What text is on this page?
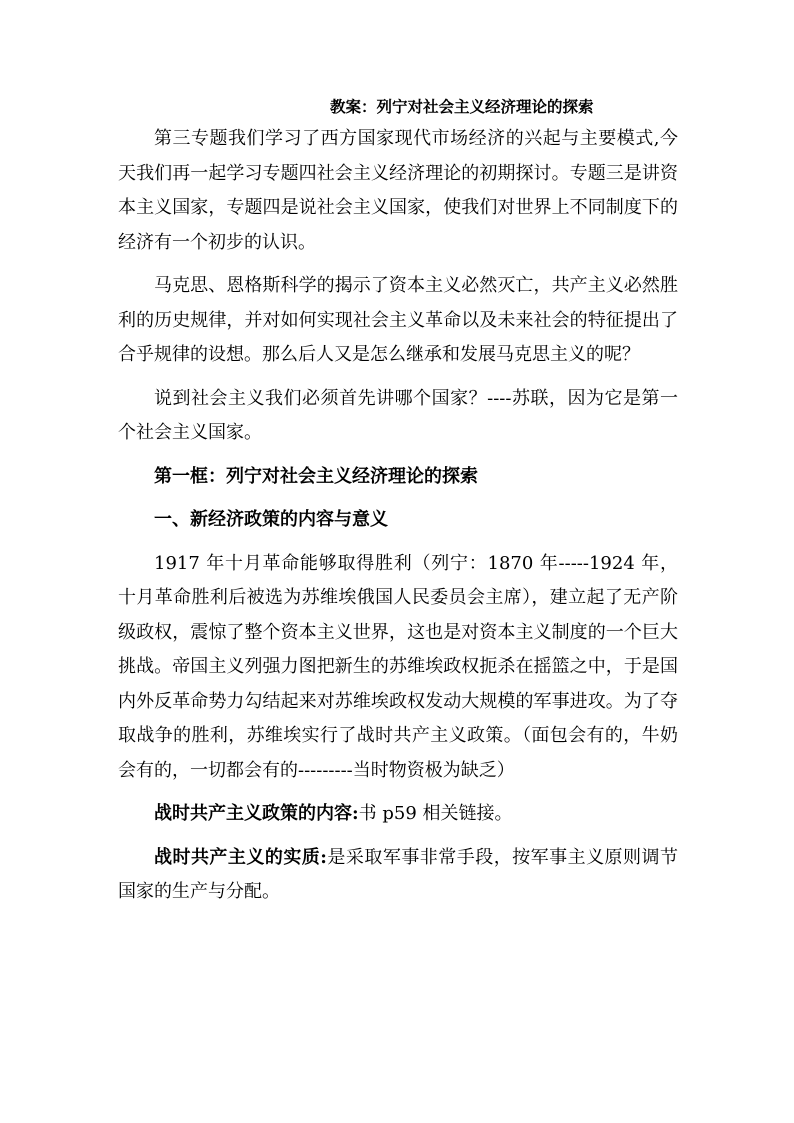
教案：列宁对社会主义经济理论的探索

第三专题我们学习了西方国家现代市场经济的兴起与主要模式,今天我们再一起学习专题四社会主义经济理论的初期探讨。专题三是讲资本主义国家，专题四是说社会主义国家，使我们对世界上不同制度下的经济有一个初步的认识。

马克思、恩格斯科学的揭示了资本主义必然灭亡，共产主义必然胜利的历史规律，并对如何实现社会主义革命以及未来社会的特征提出了合乎规律的设想。那么后人又是怎么继承和发展马克思主义的呢？

说到社会主义我们必须首先讲哪个国家？----苏联，因为它是第一个社会主义国家。

第一框：列宁对社会主义经济理论的探索

一、新经济政策的内容与意义

1917 年十月革命能够取得胜利（列宁：1870 年-----1924 年，十月革命胜利后被选为苏维埃俄国人民委员会主席），建立起了无产阶级政权，震惊了整个资本主义世界，这也是对资本主义制度的一个巨大挑战。帝国主义列强力图把新生的苏维埃政权扼杀在摇篮之中，于是国内外反革命势力勾结起来对苏维埃政权发动大规模的军事进攻。为了夺取战争的胜利，苏维埃实行了战时共产主义政策。（面包会有的，牛奶会有的，一切都会有的---------当时物资极为缺乏）

战时共产主义政策的内容:书 p59 相关链接。

战时共产主义的实质:是采取军事非常手段，按军事主义原则调节国家的生产与分配。
